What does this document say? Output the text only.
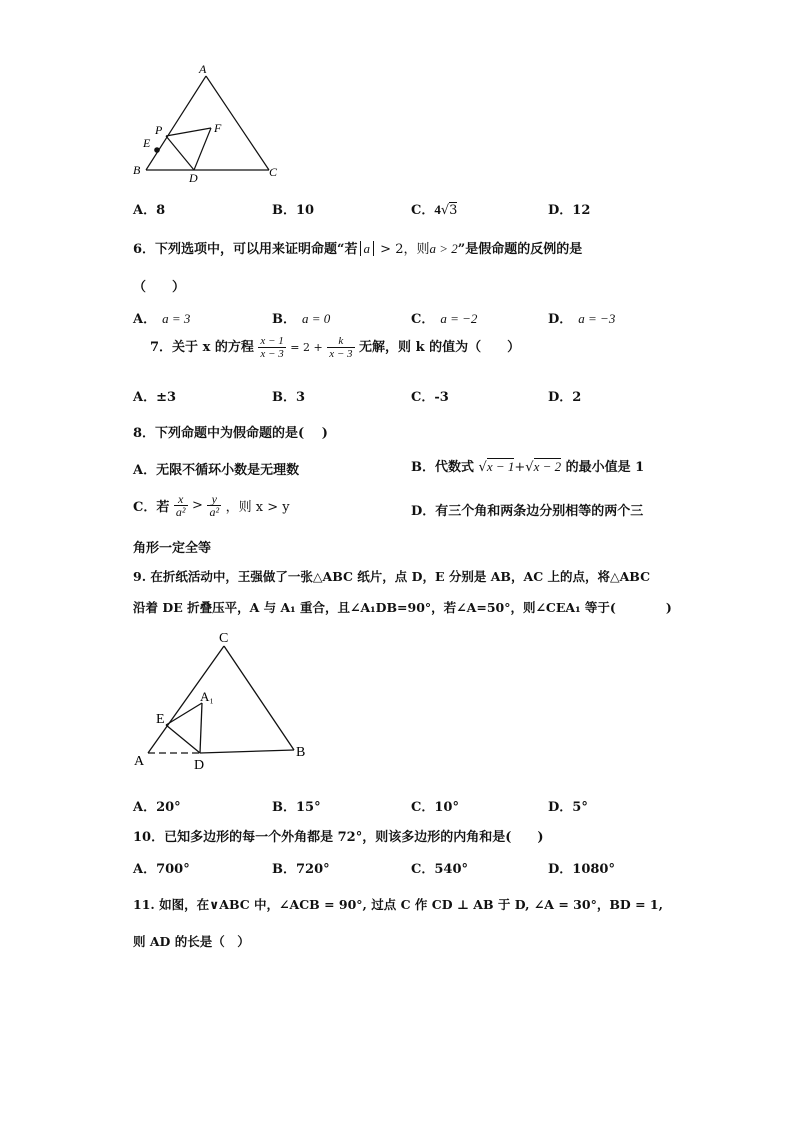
A
P	F
E
B
D	C
A．8	B．10	C．4√3	D．12
6．下列选项中，可以用来证明命题“若 a > 2，则a > 2”是假命题的反例的是
（　　）
A． a = 3	B． a = 0	C． a = −2	D． a = −3
7．关于 x 的方程 $\frac{x - 1}{x - 3} = 2 + \frac{k}{x - 3}$ 无解，则 k 的值为（　　）
A．±3	B．3	C．-3	D．2
8．下列命题中为假命题的是(　 )
A．无限不循环小数是无理数	B．代数式 √x − 1+√x − 2 的最小值是 1
C．若 $\frac{x}{\text{a²}} > \frac{y}{\text{a²}}$ ，则 x > y	D．有三个角和两条边分别相等的两个三
角形一定全等
9. 在折纸活动中，王强做了一张△ABC 纸片，点 D，E 分别是 AB，AC 上的点，将△ABC
沿着 DE 折叠压平，A 与 A₁ 重合，且∠A₁DB=90°，若∠A=50°，则∠CEA₁ 等于(　　　　)
C
A₁
E
A	D
B
A．20°	B．15°	C．10°	D．5°
10．已知多边形的每一个外角都是 72°，则该多边形的内角和是(　　)
A．700°	B．720°	C．540°	D．1080°
11. 如图，在∨ABC 中，∠ACB = 90°, 过点 C 作 CD ⊥ AB 于 D, ∠A = 30°，BD = 1,
则 AD 的长是（　）
